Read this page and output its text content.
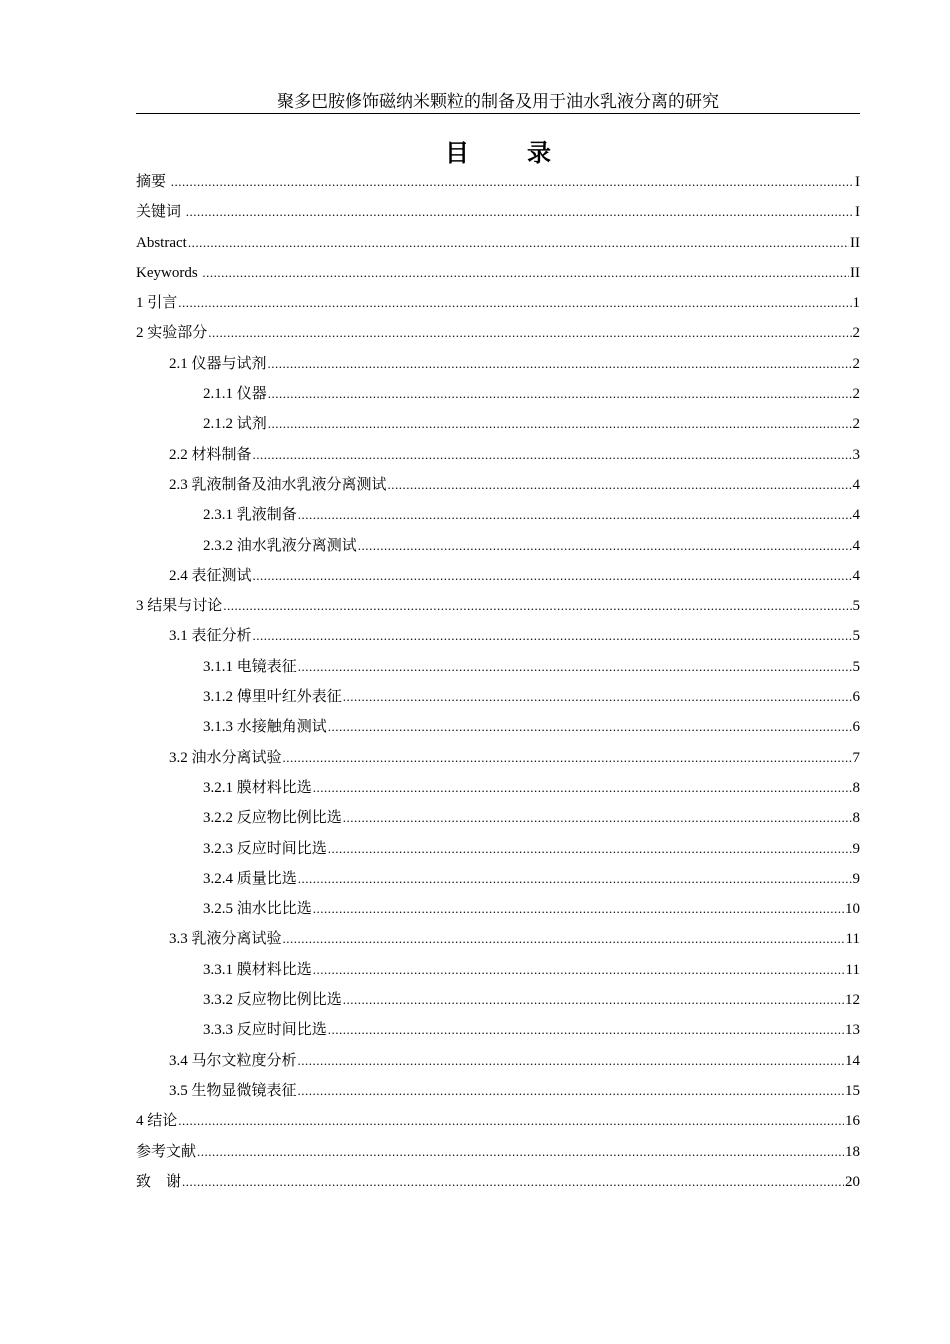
聚多巴胺修饰磁纳米颗粒的制备及用于油水乳液分离的研究
目 录
摘要 .....	I
关键词 .....	I
Abstract .....	II
Keywords .....	II
1 引言 .....	1
2 实验部分 .....	2
2.1 仪器与试剂 .....	2
2.1.1 仪器 .....	2
2.1.2 试剂 .....	2
2.2 材料制备 .....	3
2.3 乳液制备及油水乳液分离测试 .....	4
2.3.1 乳液制备 .....	4
2.3.2 油水乳液分离测试 .....	4
2.4 表征测试 .....	4
3 结果与讨论 .....	5
3.1 表征分析 .....	5
3.1.1 电镜表征 .....	5
3.1.2 傅里叶红外表征 .....	6
3.1.3 水接触角测试 .....	6
3.2 油水分离试验 .....	7
3.2.1 膜材料比选 .....	8
3.2.2 反应物比例比选 .....	8
3.2.3 反应时间比选 .....	9
3.2.4 质量比选 .....	9
3.2.5 油水比比选 .....	10
3.3 乳液分离试验 .....	11
3.3.1 膜材料比选 .....	11
3.3.2 反应物比例比选 .....	12
3.3.3 反应时间比选 .....	13
3.4 马尔文粒度分析 .....	14
3.5 生物显微镜表征 .....	15
4 结论 .....	16
参考文献 .....	18
致　谢 .....	20
